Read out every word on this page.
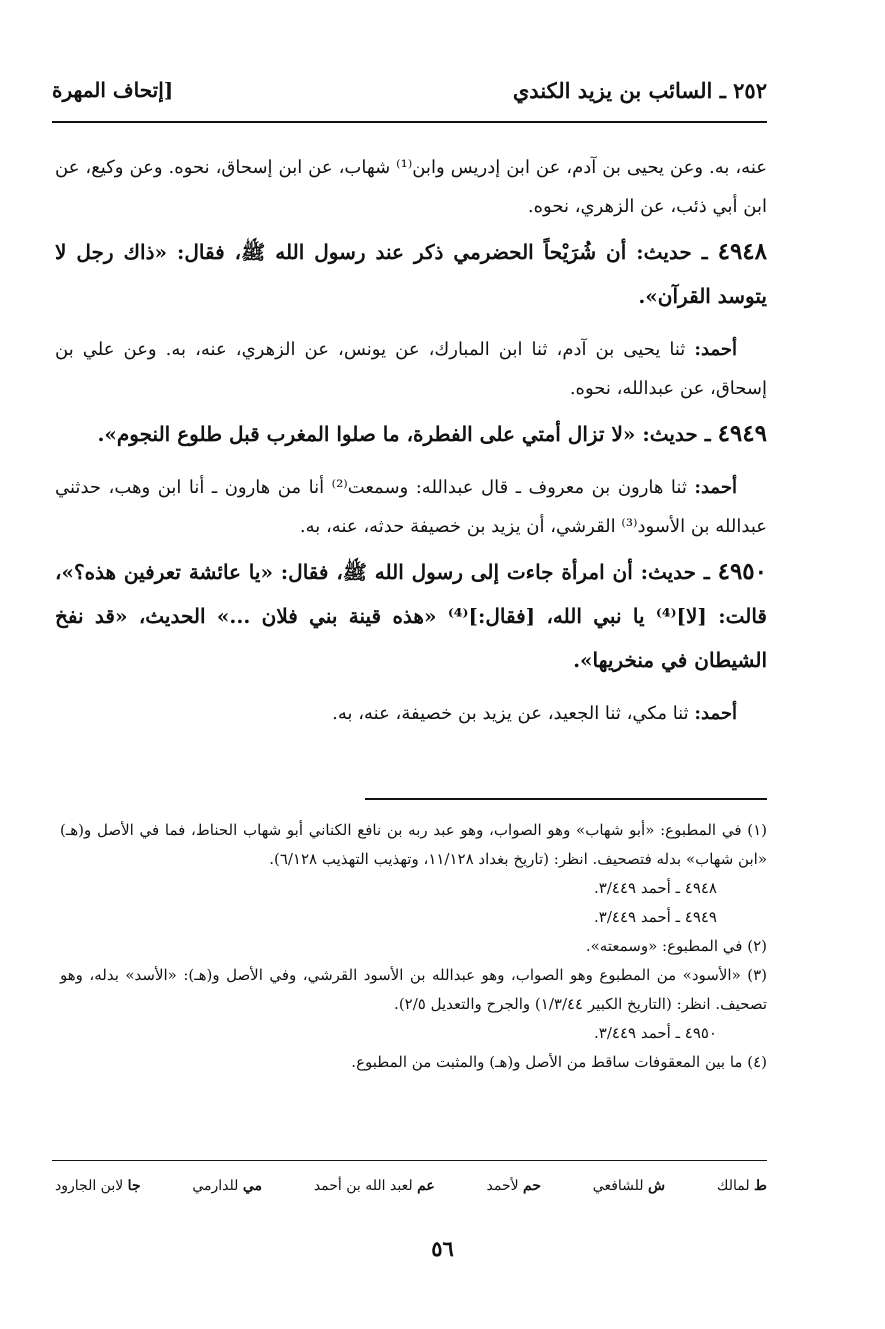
٢٥٢ ـ السائب بن يزيد الكندي
[إتحاف المهرة

عنه، به. وعن يحيى بن آدم، عن ابن إدريس وابن⁽¹⁾ شهاب، عن ابن إسحاق، نحوه. وعن وكيع، عن ابن أبي ذئب، عن الزهري، نحوه.

٤٩٤٨ ـ حديث: أن شُرَيْحاً الحضرمي ذكر عند رسول الله ﷺ، فقال: «ذاك رجل لا يتوسد القرآن».

أحمد: ثنا يحيى بن آدم، ثنا ابن المبارك، عن يونس، عن الزهري، عنه، به. وعن علي بن إسحاق، عن عبدالله، نحوه.

٤٩٤٩ ـ حديث: «لا تزال أمتي على الفطرة، ما صلوا المغرب قبل طلوع النجوم».

أحمد: ثنا هارون بن معروف ـ قال عبدالله: وسمعت⁽²⁾ أنا من هارون ـ أنا ابن وهب، حدثني عبدالله بن الأسود⁽³⁾ القرشي، أن يزيد بن خصيفة حدثه، عنه، به.

٤٩٥٠ ـ حديث: أن امرأة جاءت إلى رسول الله ﷺ، فقال: «يا عائشة تعرفين هذه؟»، قالت: [لا]⁽⁴⁾ يا نبي الله، [فقال:]⁽⁴⁾ «هذه قينة بني فلان ...» الحديث، «قد نفخ الشيطان في منخريها».

أحمد: ثنا مكي، ثنا الجعيد، عن يزيد بن خصيفة، عنه، به.

(١) في المطبوع: «أبو شهاب» وهو الصواب، وهو عبد ربه بن نافع الكناني أبو شهاب الحناط، فما في الأصل و(هـ) «ابن شهاب» بدله فتصحيف. انظر: (تاريخ بغداد ١١/١٢٨، وتهذيب التهذيب ٦/١٢٨).

٤٩٤٨ ـ أحمد ٣/٤٤٩.

٤٩٤٩ ـ أحمد ٣/٤٤٩.

(٢) في المطبوع: «وسمعته».

(٣) «الأسود» من المطبوع وهو الصواب، وهو عبدالله بن الأسود القرشي، وفي الأصل و(هـ): «الأسد» بدله، وهو تصحيف. انظر: (التاريخ الكبير ١/٣/٤٤) والجرح والتعديل ٢/٥).

٤٩٥٠ ـ أحمد ٣/٤٤٩.

(٤) ما بين المعقوفات ساقط من الأصل و(هـ) والمثبت من المطبوع.

ط لمالك
ش للشافعي
حم لأحمد
عم لعبد الله بن أحمد
مي للدارمي
جا لابن الجارود
٥٦
